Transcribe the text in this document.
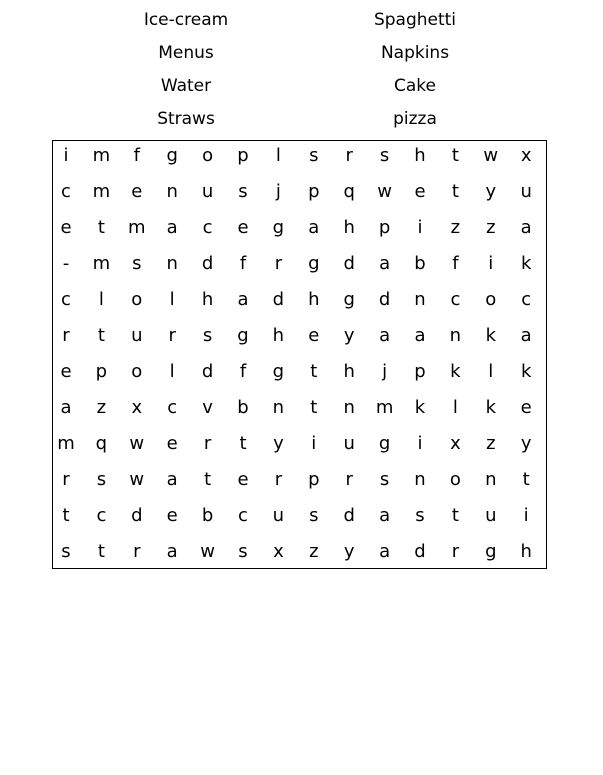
Ice-cream	Spaghetti
Menus	Napkins
Water	Cake
Straws	pizza
i	m	f	g	o	p	l	s	r	s	h	t	w	x
c	m	e	n	u	s	j	p	q	w	e	t	y	u
e	t	m	a	c	e	g	a	h	p	i	z	z	a
-	m	s	n	d	f	r	g	d	a	b	f	i	k
c	l	o	l	h	a	d	h	g	d	n	c	o	c
r	t	u	r	s	g	h	e	y	a	a	n	k	a
e	p	o	l	d	f	g	t	h	j	p	k	l	k
a	z	x	c	v	b	n	t	n	m	k	l	k	e
m	q	w	e	r	t	y	i	u	g	i	x	z	y
r	s	w	a	t	e	r	p	r	s	n	o	n	t
t	c	d	e	b	c	u	s	d	a	s	t	u	i
s	t	r	a	w	s	x	z	y	a	d	r	g	h
